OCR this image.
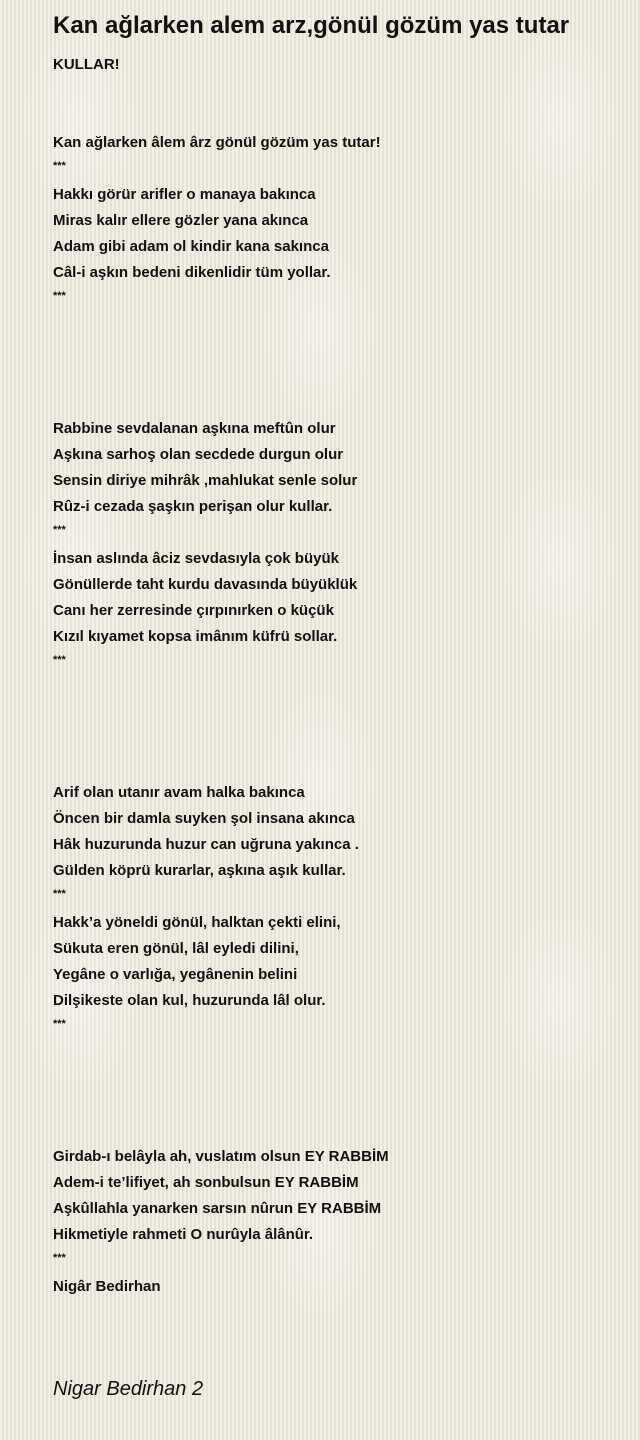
Kan ağlarken alem arz,gönül gözüm yas tutar
KULLAR!
Kan ağlarken âlem ârz gönül gözüm yas tutar!
***
Hakkı görür arifler o manaya bakınca
Miras kalır ellere gözler yana akınca
Adam gibi adam ol kindir kana sakınca
Câl-i aşkın bedeni dikenlidir tüm yollar.
***
Rabbine sevdalanan aşkına meftûn olur
Aşkına sarhoş olan secdede durgun olur
Sensin diriye mihrâk ,mahlukat senle solur
Rûz-i cezada şaşkın perişan olur kullar.
***
İnsan aslında âciz sevdasıyla çok büyük
Gönüllerde taht kurdu davasında büyüklük
Canı her zerresinde çırpınırken o küçük
Kızıl kıyamet kopsa imânım küfrü sollar.
***
Arif olan utanır avam halka bakınca
Öncen bir damla suyken şol insana akınca
Hâk huzurunda huzur can uğruna yakınca .
Gülden köprü kurarlar, aşkına aşık kullar.
***
Hakk’a yöneldi gönül, halktan çekti elini,
Sükuta eren gönül, lâl eyledi dilini,
Yegâne o varlığa, yegânenin belini
Dilşikeste olan kul, huzurunda lâl olur.
***
Girdab-ı belâyla ah, vuslatım olsun EY RABBİM
Adem-i te’lifiyet, ah sonbulsun EY RABBİM
Aşkûllahla yanarken sarsın nûrun EY RABBİM
Hikmetiyle rahmeti O nurûyla âlânûr.
***
Nigâr Bedirhan
Nigar Bedirhan 2
